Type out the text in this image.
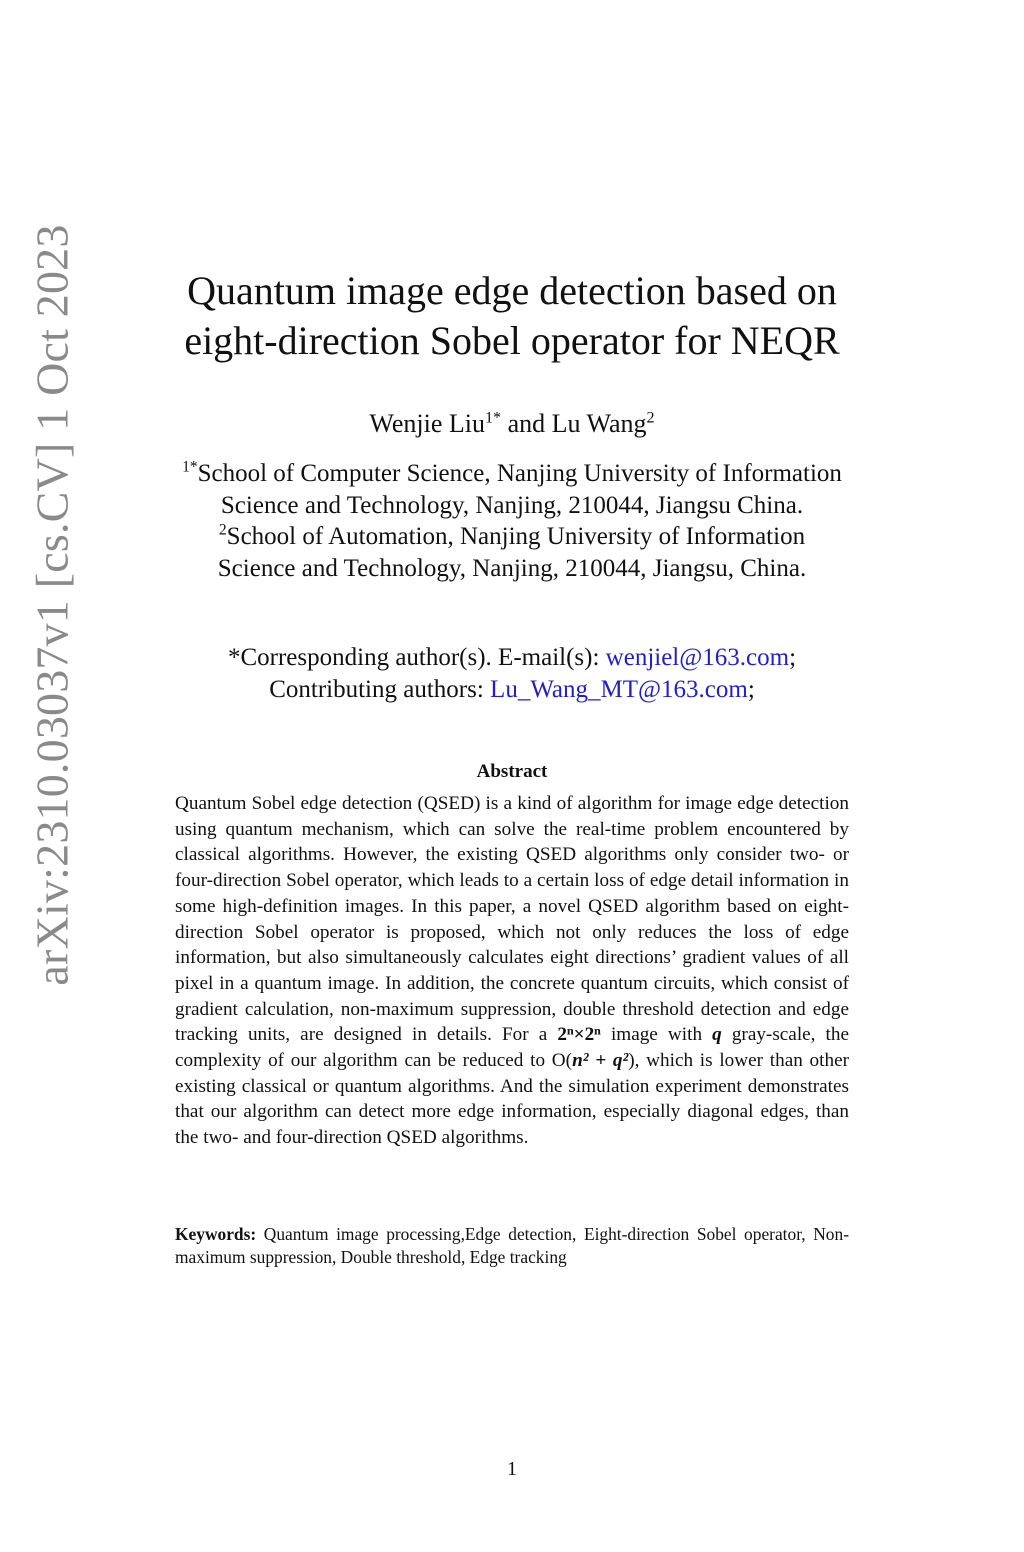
arXiv:2310.03037v1 [cs.CV] 1 Oct 2023	Quantum image edge detection based on
eight-direction Sobel operator for NEQR
Wenjie Liu$^{1*}$ and Lu Wang$^2$
$^{1*}$School of Computer Science, Nanjing University of Information
Science and Technology, Nanjing, 210044, Jiangsu China.
$^2$School of Automation, Nanjing University of Information
Science and Technology, Nanjing, 210044, Jiangsu, China.
*Corresponding author(s). E-mail(s): wenjiel@163.com;
Contributing authors: Lu_Wang_MT@163.com;
Abstract
Quantum Sobel edge detection (QSED) is a kind of algorithm for image edge detection using quantum mechanism, which can solve the real-time problem encountered by classical algorithms. However, the existing QSED algorithms only consider two- or four-direction Sobel operator, which leads to a certain loss of edge detail information in some high-definition images. In this paper, a novel QSED algorithm based on eight-direction Sobel operator is proposed, which not only reduces the loss of edge information, but also simultaneously calculates eight directions’ gradient values of all pixel in a quantum image. In addition, the concrete quantum circuits, which consist of gradient calculation, non-maximum suppression, double threshold detection and edge tracking units, are designed in details. For a 2ⁿ×2ⁿ image with q gray-scale, the complexity of our algorithm can be reduced to O(n² + q²), which is lower than other existing classical or quantum algorithms. And the simulation experiment demonstrates that our algorithm can detect more edge information, especially diagonal edges, than the two- and four-direction QSED algorithms.
Keywords: Quantum image processing,Edge detection, Eight-direction Sobel operator, Non-maximum suppression, Double threshold, Edge tracking
1
